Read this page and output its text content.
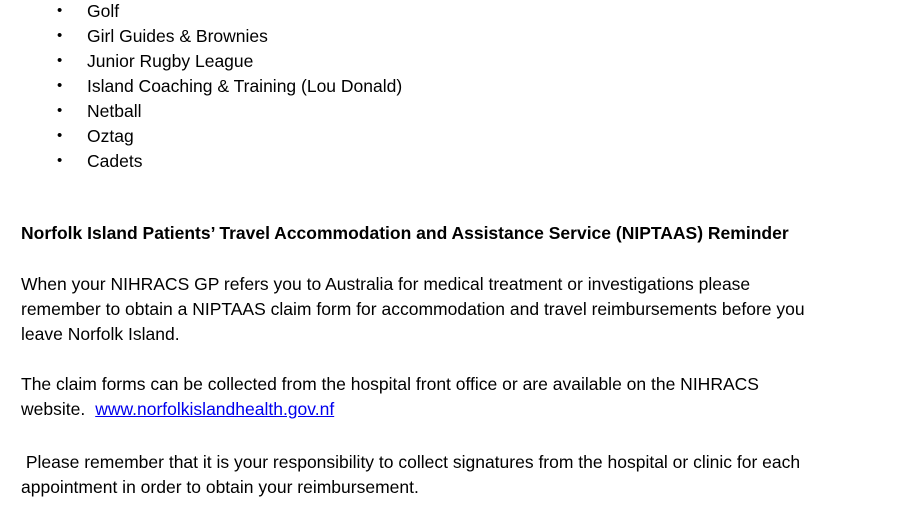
•	Golf
•	Girl Guides & Brownies
•	Junior Rugby League
•	Island Coaching & Training (Lou Donald)
•	Netball
•	Oztag
•	Cadets
Norfolk Island Patients’ Travel Accommodation and Assistance Service (NIPTAAS) Reminder

When your NIHRACS GP refers you to Australia for medical treatment or investigations please
remember to obtain a NIPTAAS claim form for accommodation and travel reimbursements before you
leave Norfolk Island.

The claim forms can be collected from the hospital front office or are available on the NIHRACS
website. www.norfolkislandhealth.gov.nf

Please remember that it is your responsibility to collect signatures from the hospital or clinic for each
appointment in order to obtain your reimbursement.
